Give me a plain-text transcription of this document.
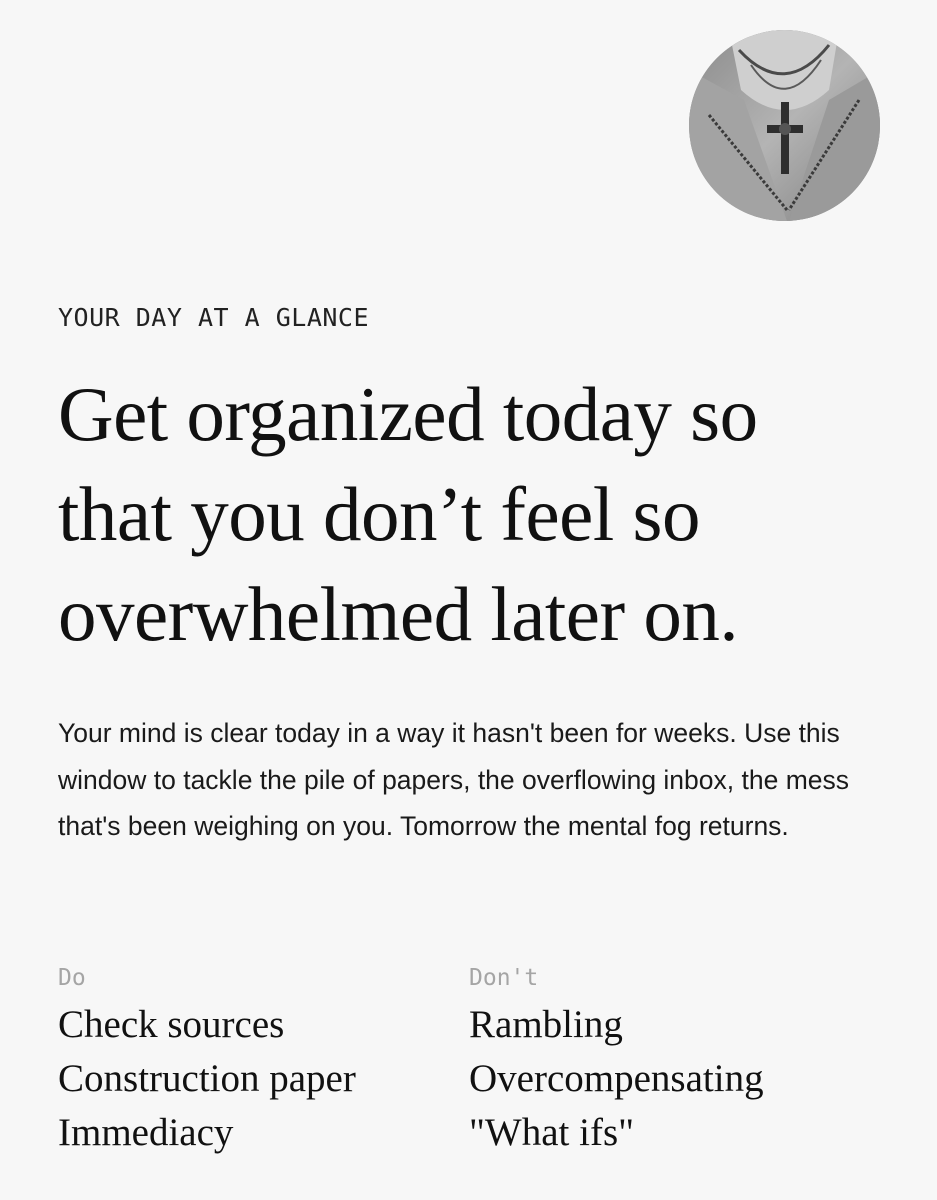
YOUR DAY AT A GLANCE
Get organized today so that you don’t feel so overwhelmed later on.

Your mind is clear today in a way it hasn't been for weeks. Use this window to tackle the pile of papers, the overflowing inbox, the mess that's been weighing on you. Tomorrow the mental fog returns.

Do
Check sources
Construction paper
Immediacy
Don't
Rambling
Overcompensating
"What ifs"
